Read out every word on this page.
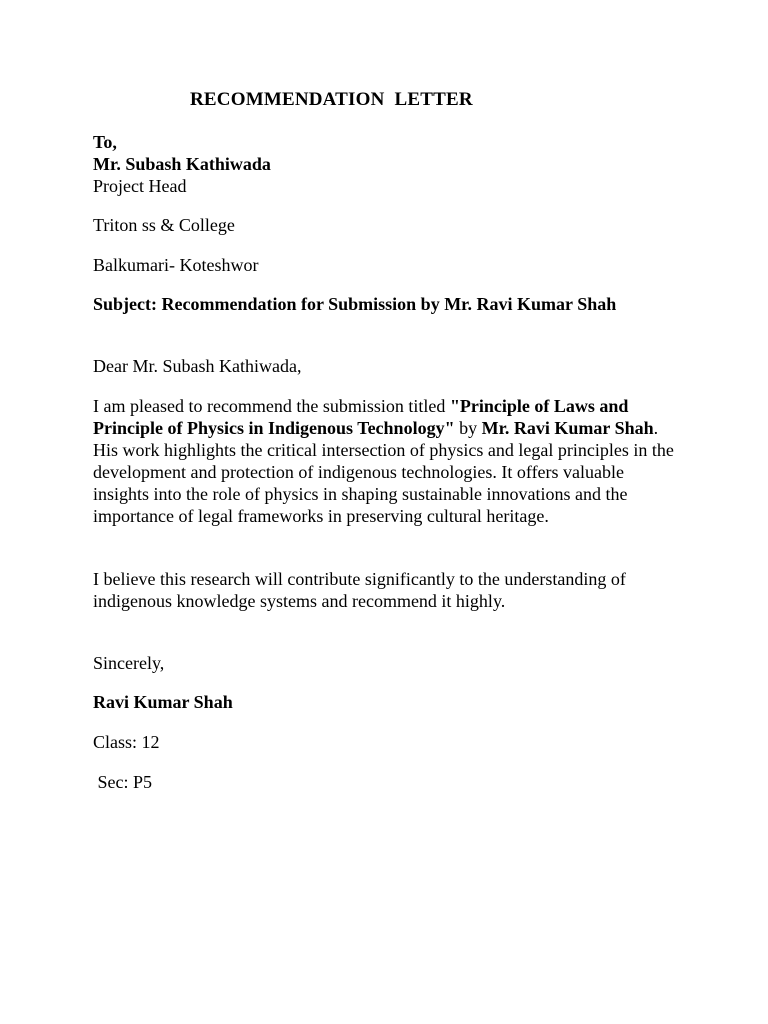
RECOMMENDATION  LETTER

To,

Mr. Subash Kathiwada

Project Head

Triton ss & College
Balkumari- Koteshwor
Subject: Recommendation for Submission by Mr. Ravi Kumar Shah
Dear Mr. Subash Kathiwada,
I am pleased to recommend the submission titled "Principle of Laws and Principle of Physics in Indigenous Technology" by Mr. Ravi Kumar Shah. His work highlights the critical intersection of physics and legal principles in the development and protection of indigenous technologies. It offers valuable insights into the role of physics in shaping sustainable innovations and the importance of legal frameworks in preserving cultural heritage.
I believe this research will contribute significantly to the understanding of indigenous knowledge systems and recommend it highly.
Sincerely,
Ravi Kumar Shah
Class: 12
Sec: P5
